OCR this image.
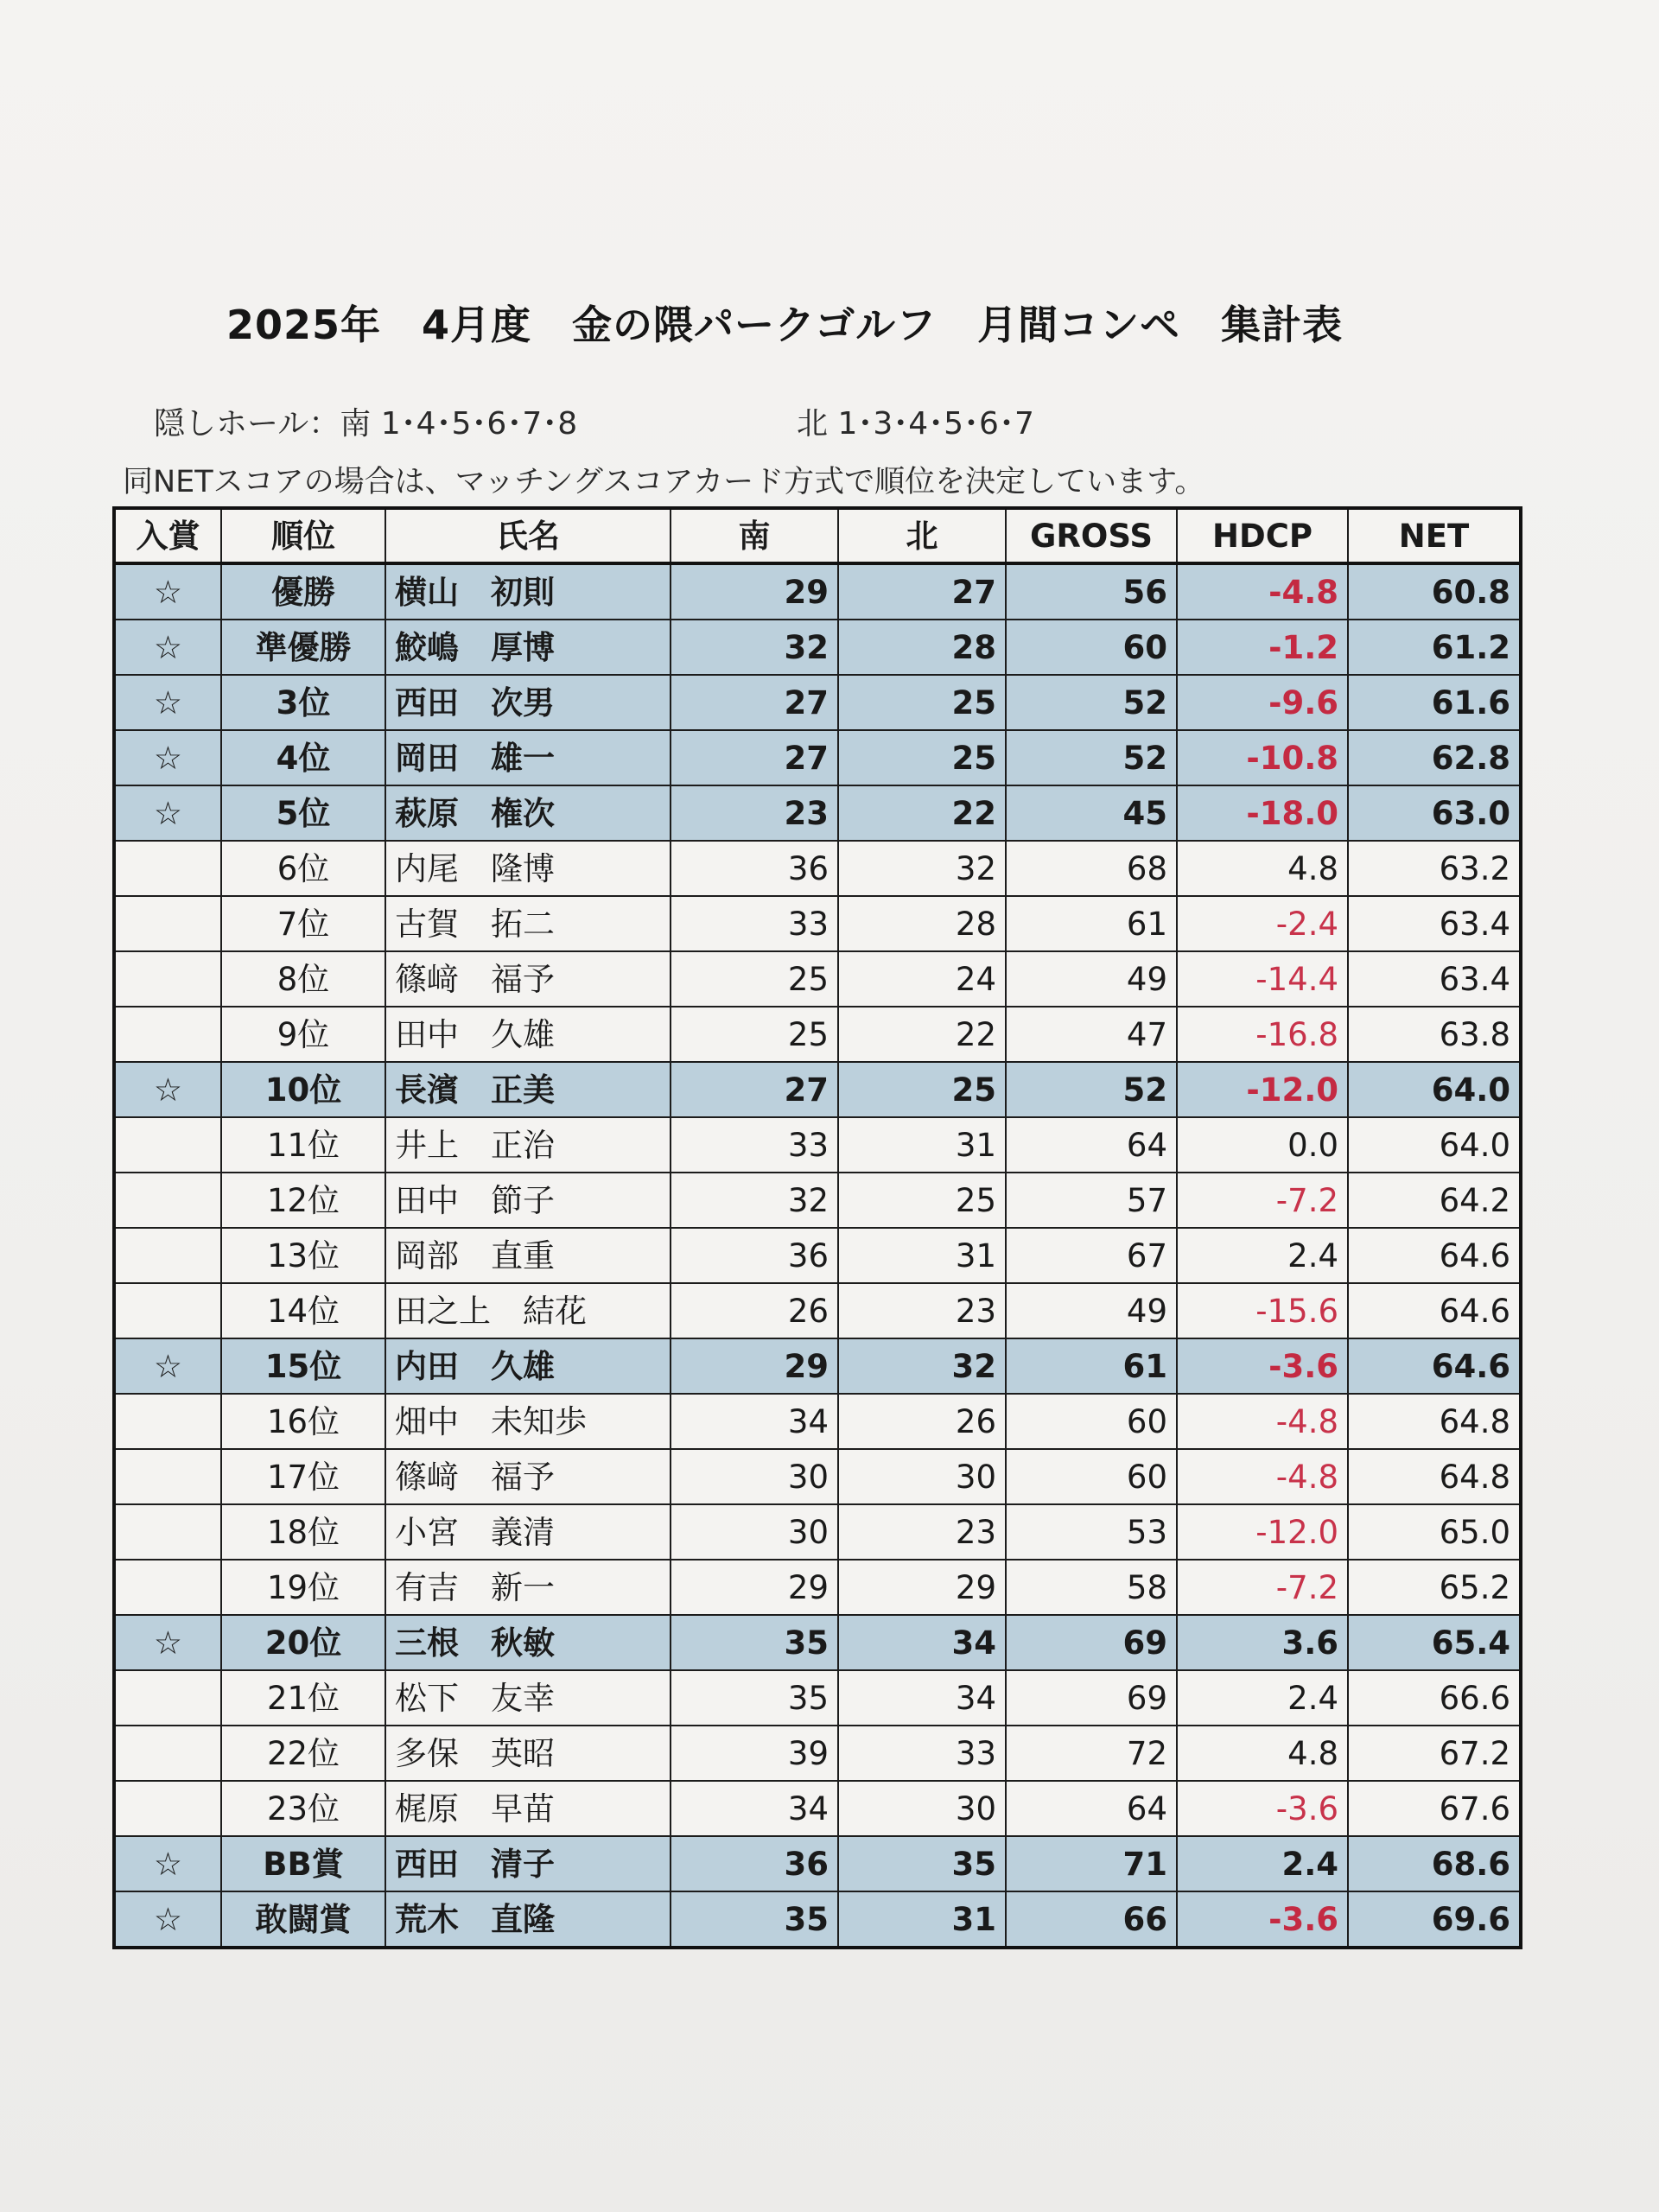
2025年　4月度　金の隈パークゴルフ　月間コンペ　集計表
隠しホール：南 1･4･5･6･7･8	北 1･3･4･5･6･7
同NETスコアの場合は、マッチングスコアカード方式で順位を決定しています。
入賞	順位	氏名	南	北	GROSS	HDCP	NET
☆	優勝	横山　初則	29	27	56	-4.8	60.8
☆	準優勝	鮫嶋　厚博	32	28	60	-1.2	61.2
☆	3位	西田　次男	27	25	52	-9.6	61.6
☆	4位	岡田　雄一	27	25	52	-10.8	62.8
☆	5位	萩原　権次	23	22	45	-18.0	63.0
	6位	内尾　隆博	36	32	68	4.8	63.2
	7位	古賀　拓二	33	28	61	-2.4	63.4
	8位	篠﨑　福予	25	24	49	-14.4	63.4
	9位	田中　久雄	25	22	47	-16.8	63.8
☆	10位	長濱　正美	27	25	52	-12.0	64.0
	11位	井上　正治	33	31	64	0.0	64.0
	12位	田中　節子	32	25	57	-7.2	64.2
	13位	岡部　直重	36	31	67	2.4	64.6
	14位	田之上　結花	26	23	49	-15.6	64.6
☆	15位	内田　久雄	29	32	61	-3.6	64.6
	16位	畑中　未知歩	34	26	60	-4.8	64.8
	17位	篠﨑　福予	30	30	60	-4.8	64.8
	18位	小宮　義清	30	23	53	-12.0	65.0
	19位	有吉　新一	29	29	58	-7.2	65.2
☆	20位	三根　秋敏	35	34	69	3.6	65.4
	21位	松下　友幸	35	34	69	2.4	66.6
	22位	多保　英昭	39	33	72	4.8	67.2
	23位	梶原　早苗	34	30	64	-3.6	67.6
☆	BB賞	西田　清子	36	35	71	2.4	68.6
☆	敢闘賞	荒木　直隆	35	31	66	-3.6	69.6
